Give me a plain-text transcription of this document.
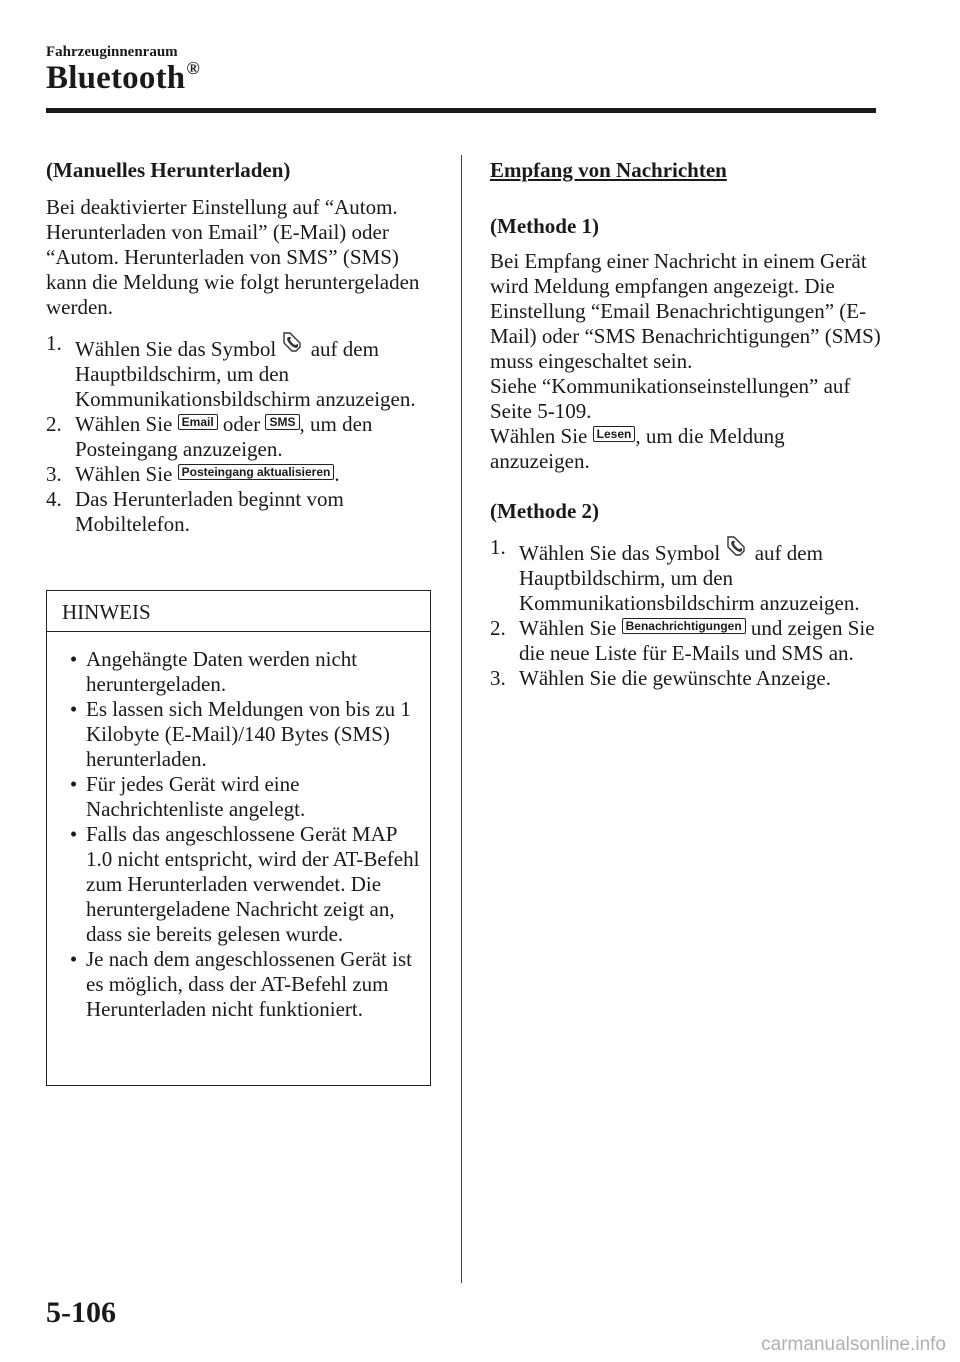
Fahrzeuginnenraum
Bluetooth®

(Manuelles Herunterladen)

Bei deaktivierter Einstellung auf “Autom. Herunterladen von Email” (E-Mail) oder “Autom. Herunterladen von SMS” (SMS) kann die Meldung wie folgt heruntergeladen werden.

1. Wählen Sie das Symbol auf dem Hauptbildschirm, um den Kommunikationsbildschirm anzuzeigen.
2. Wählen Sie Email oder SMS , um den Posteingang anzuzeigen.
3. Wählen Sie Posteingang aktualisieren .
4. Das Herunterladen beginnt vom Mobiltelefon.
HINWEIS
• Angehängte Daten werden nicht heruntergeladen.
• Es lassen sich Meldungen von bis zu 1 Kilobyte (E-Mail)/140 Bytes (SMS) herunterladen.
• Für jedes Gerät wird eine Nachrichtenliste angelegt.
• Falls das angeschlossene Gerät MAP 1.0 nicht entspricht, wird der AT-Befehl zum Herunterladen verwendet. Die heruntergeladene Nachricht zeigt an, dass sie bereits gelesen wurde.
• Je nach dem angeschlossenen Gerät ist es möglich, dass der AT-Befehl zum Herunterladen nicht funktioniert.

Empfang von Nachrichten

(Methode 1)

Bei Empfang einer Nachricht in einem Gerät wird Meldung empfangen angezeigt. Die Einstellung “Email Benachrichtigungen” (E-Mail) oder “SMS Benachrichtigungen” (SMS) muss eingeschaltet sein.
Siehe “Kommunikationseinstellungen” auf Seite 5-109.
Wählen Sie Lesen , um die Meldung anzuzeigen.

(Methode 2)

1. Wählen Sie das Symbol auf dem Hauptbildschirm, um den Kommunikationsbildschirm anzuzeigen.
2. Wählen Sie Benachrichtigungen und zeigen Sie die neue Liste für E-Mails und SMS an.
3. Wählen Sie die gewünschte Anzeige.
5-106
carmanualsonline.info
